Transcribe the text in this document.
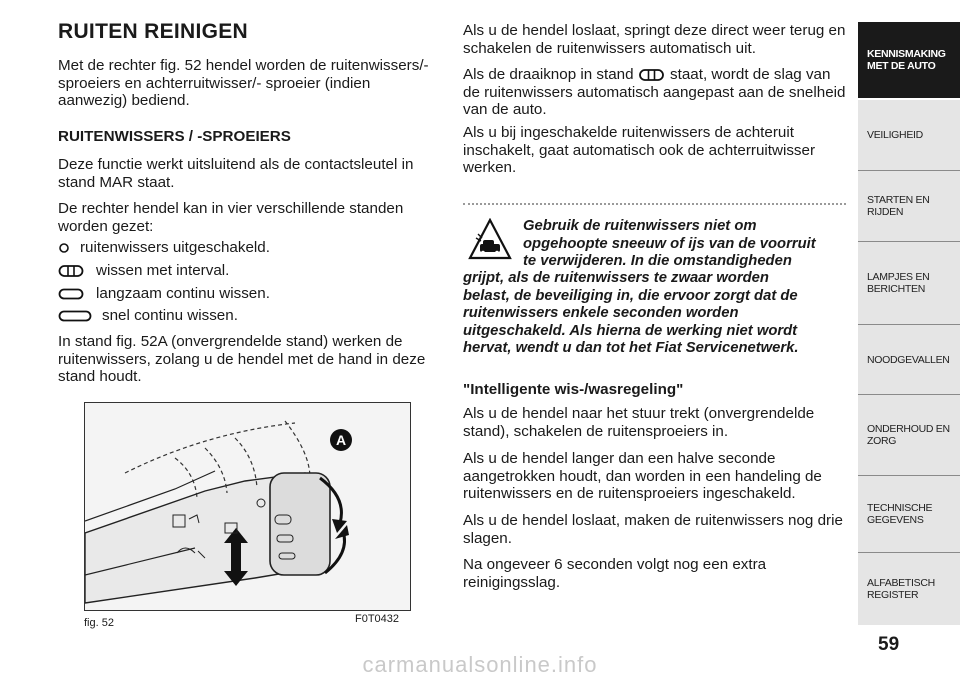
RUITEN REINIGEN

Met de rechter fig. 52 hendel worden de ruitenwissers/-sproeiers en achterruitwisser/- sproeier (indien aanwezig) bediend.

RUITENWISSERS / -SPROEIERS

Deze functie werkt uitsluitend als de contactsleutel in stand MAR staat.

De rechter hendel kan in vier verschillende standen worden gezet:

ruitenwissers uitgeschakeld.
wissen met interval.
langzaam continu wissen.
snel continu wissen.

In stand fig. 52A (onvergrendelde stand) werken de ruitenwissers, zolang u de hendel met de hand in deze stand houdt.

A
fig. 52	F0T0432

Als u de hendel loslaat, springt deze direct weer terug en schakelen de ruitenwissers automatisch uit.

Als de draaiknop in stand staat, wordt de slag van de ruitenwissers automatisch aangepast aan de snelheid van de auto.

Als u bij ingeschakelde ruitenwissers de achteruit inschakelt, gaat automatisch ook de achterruitwisser werken.

Gebruik de ruitenwissers niet om
opgehoopte sneeuw of ijs van de voorruit
te verwijderen. In die omstandigheden
grijpt, als de ruitenwissers te zwaar worden
belast, de beveiliging in, die ervoor zorgt dat de
ruitenwissers enkele seconden worden
uitgeschakeld. Als hierna de werking niet wordt
hervat, wendt u dan tot het Fiat Servicenetwerk.
"Intelligente wis-/wasregeling"

Als u de hendel naar het stuur trekt (onvergrendelde stand), schakelen de ruitensproeiers in.

Als u de hendel langer dan een halve seconde aangetrokken houdt, dan worden in een handeling de ruitenwissers en de ruitensproeiers ingeschakeld.

Als u de hendel loslaat, maken de ruitenwissers nog drie slagen.

Na ongeveer 6 seconden volgt nog een extra reinigingsslag.

KENNISMAKING MET DE AUTO
VEILIGHEID
STARTEN EN RIJDEN
LAMPJES EN BERICHTEN
NOODGEVALLEN
ONDERHOUD EN ZORG
TECHNISCHE GEGEVENS
ALFABETISCH REGISTER
59
carmanualsonline.info
